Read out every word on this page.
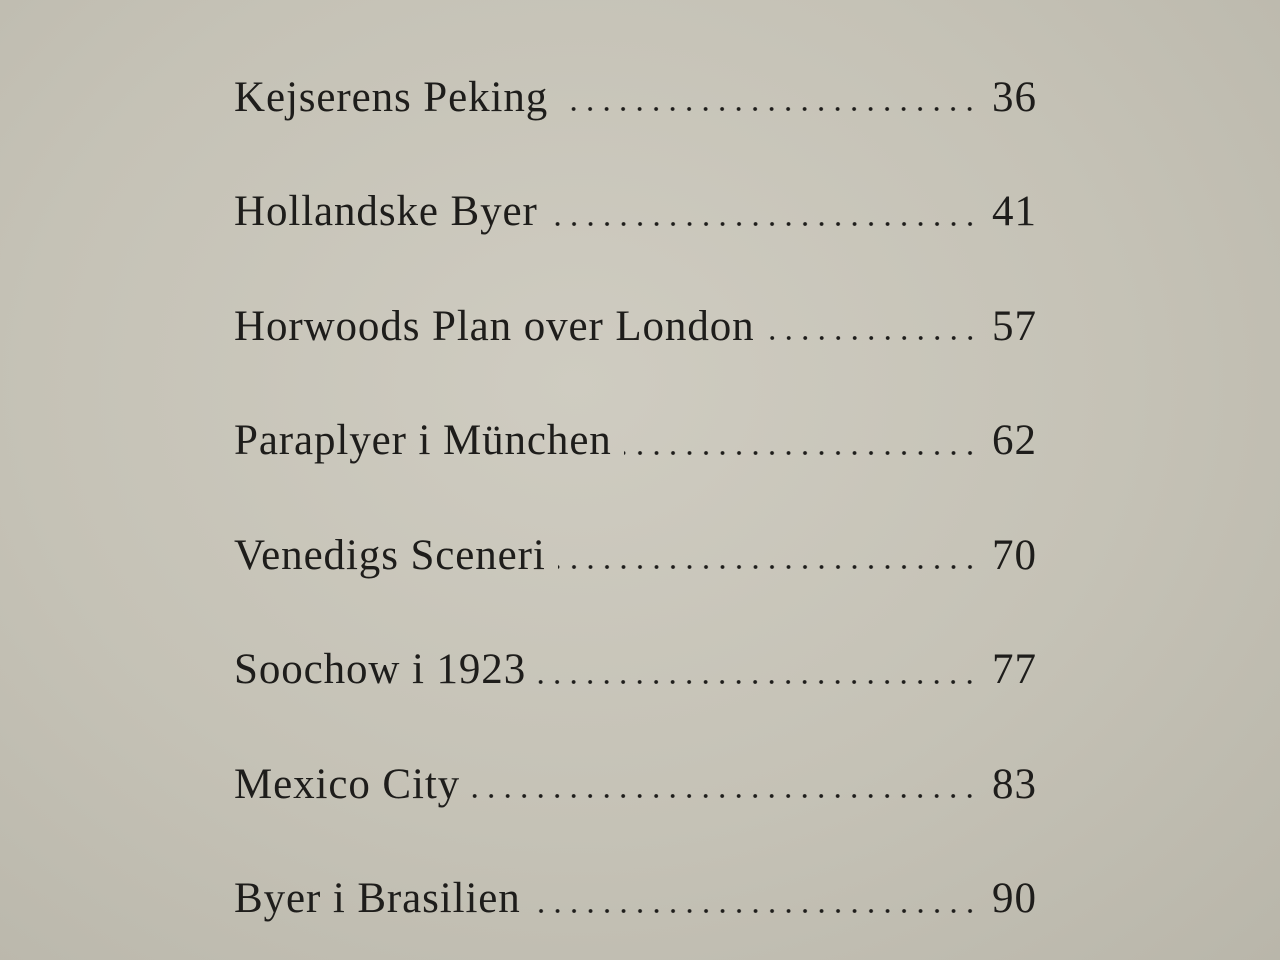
Kejserens Peking	36
Hollandske Byer	41
Horwoods Plan over London	57
Paraplyer i München	62
Venedigs Sceneri	70
Soochow i 1923	77
Mexico City	83
Byer i Brasilien	90
